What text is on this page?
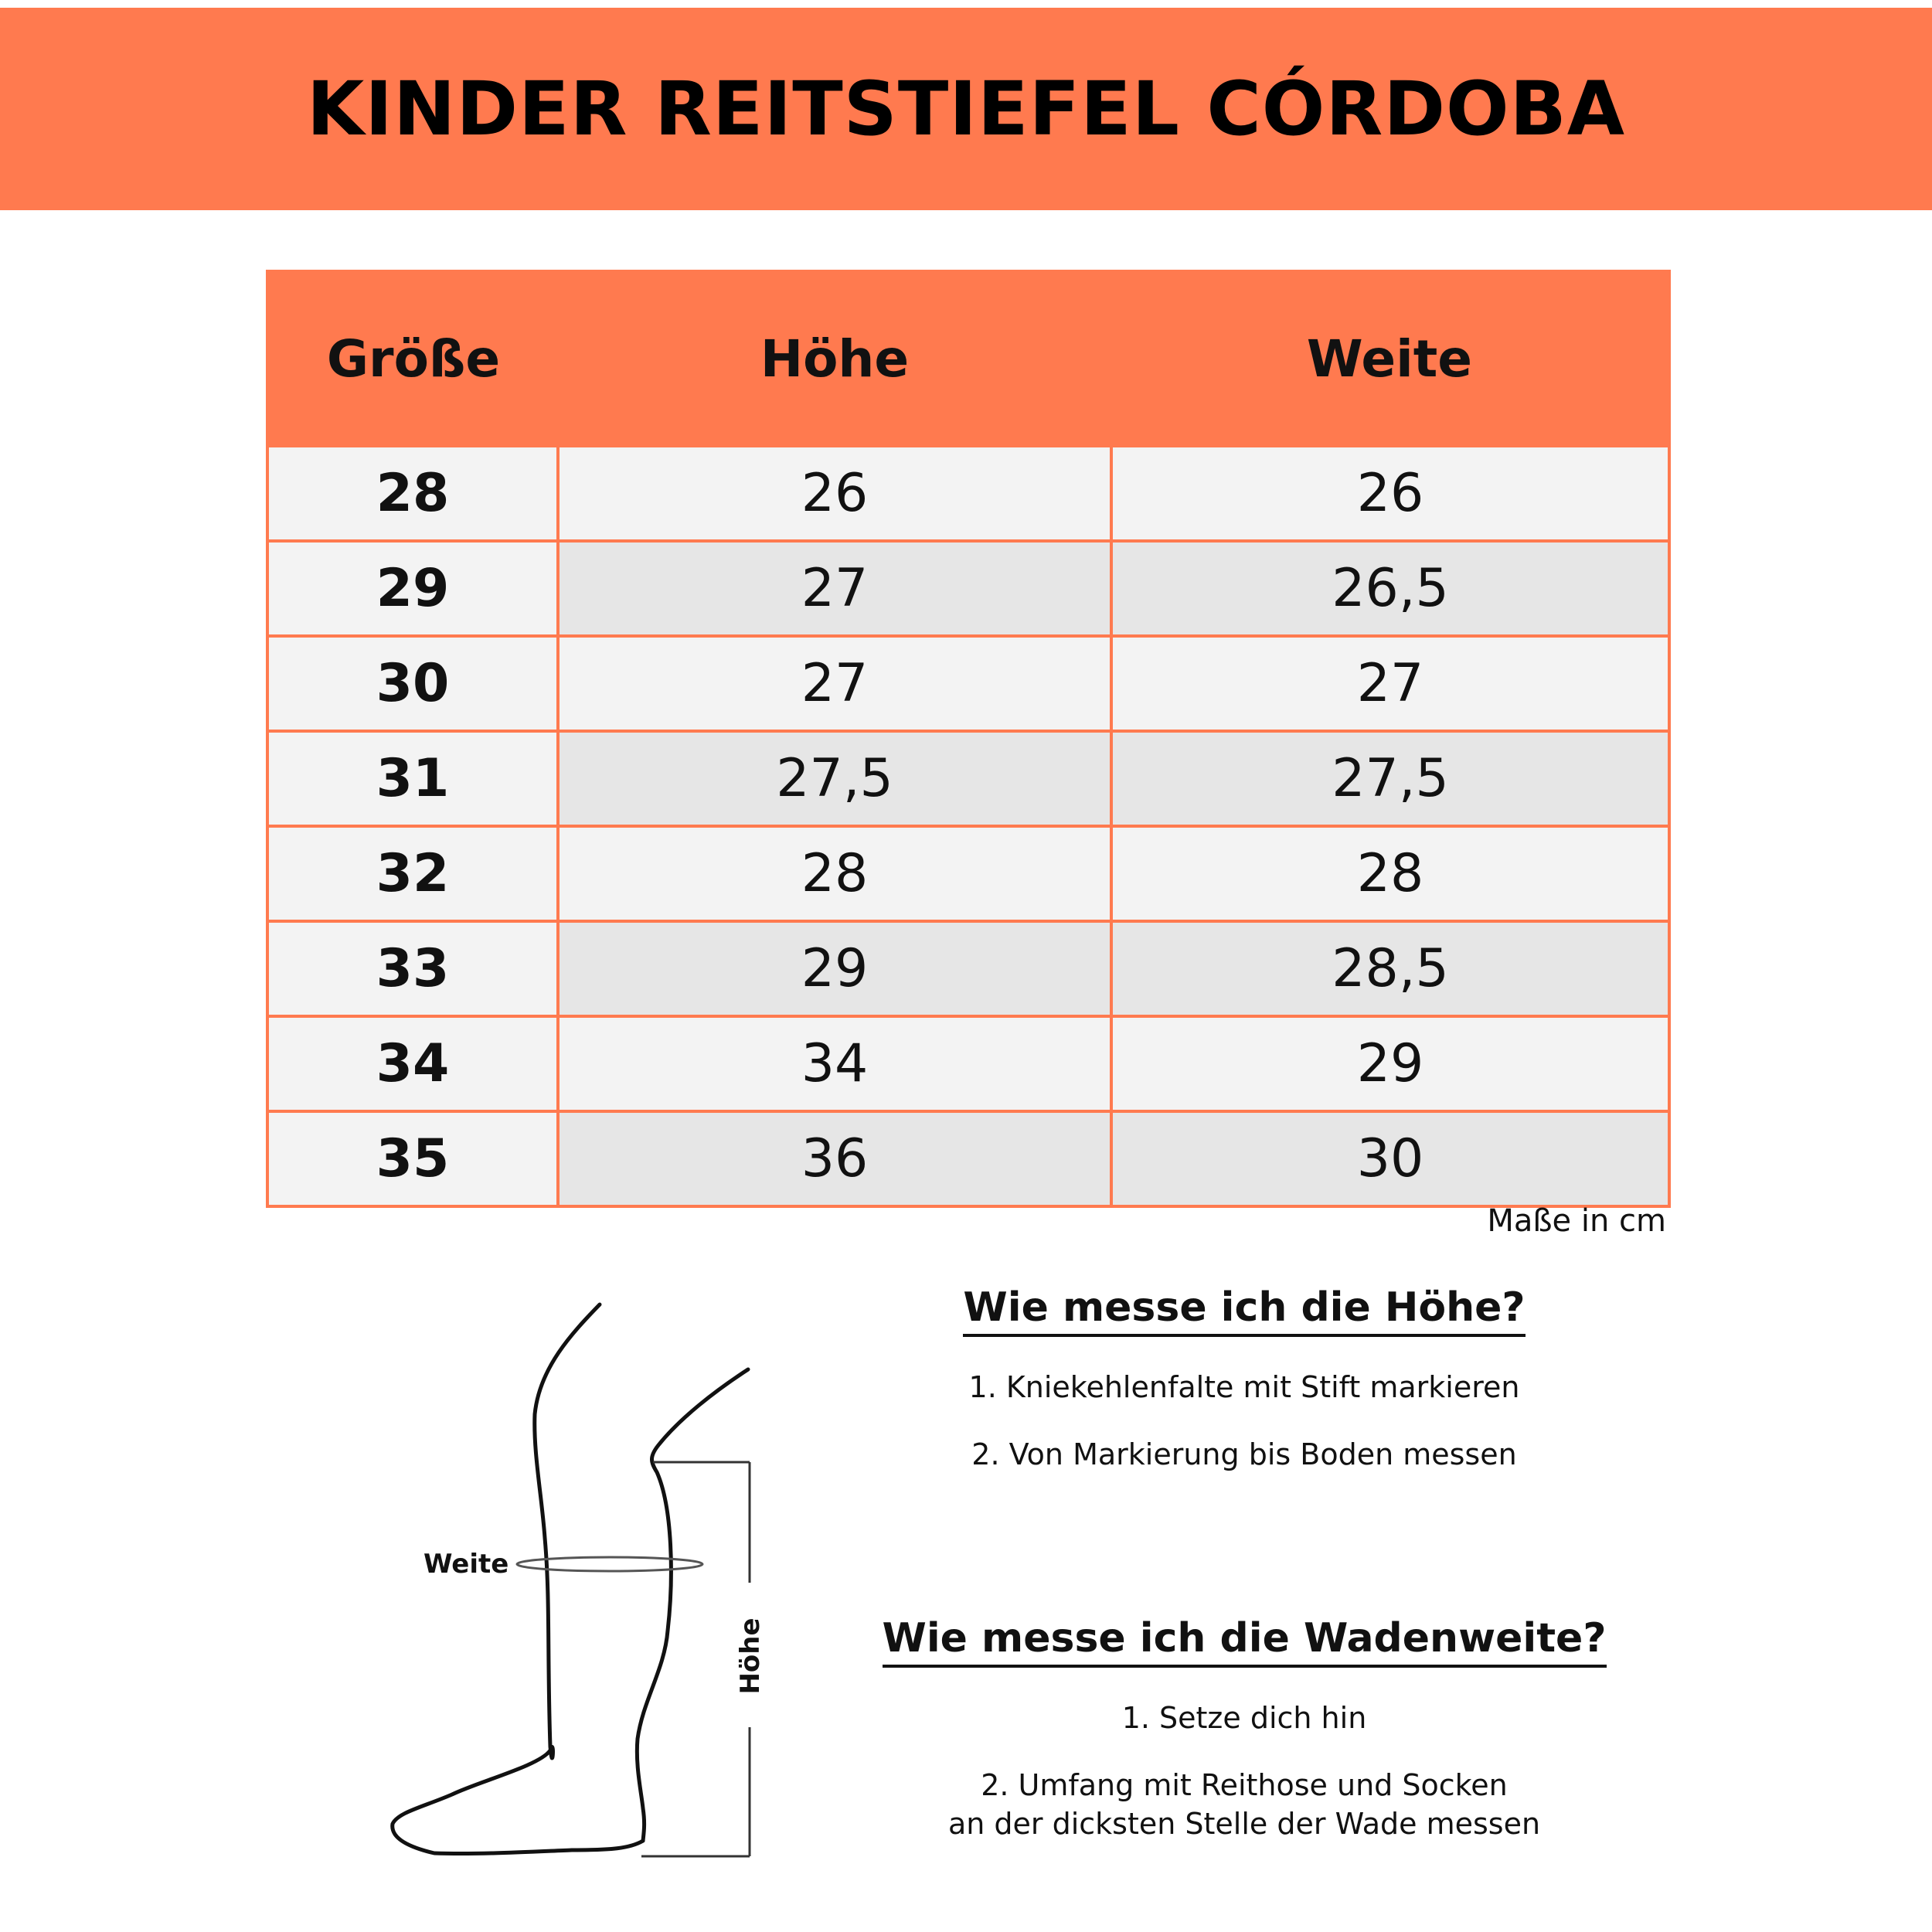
KINDER REITSTIEFEL CÓRDOBA
Größe	Höhe	Weite
28	26	26
29	27	26,5
30	27	27
31	27,5	27,5
32	28	28
33	29	28,5
34	34	29
35	36	30
Maße in cm
Weite
Höhe
Wie messe ich die Höhe?

1. Kniekehlenfalte mit Stift markieren

2. Von Markierung bis Boden messen

Wie messe ich die Wadenweite?

1. Setze dich hin

2. Umfang mit Reithose und Socken

an der dicksten Stelle der Wade messen
